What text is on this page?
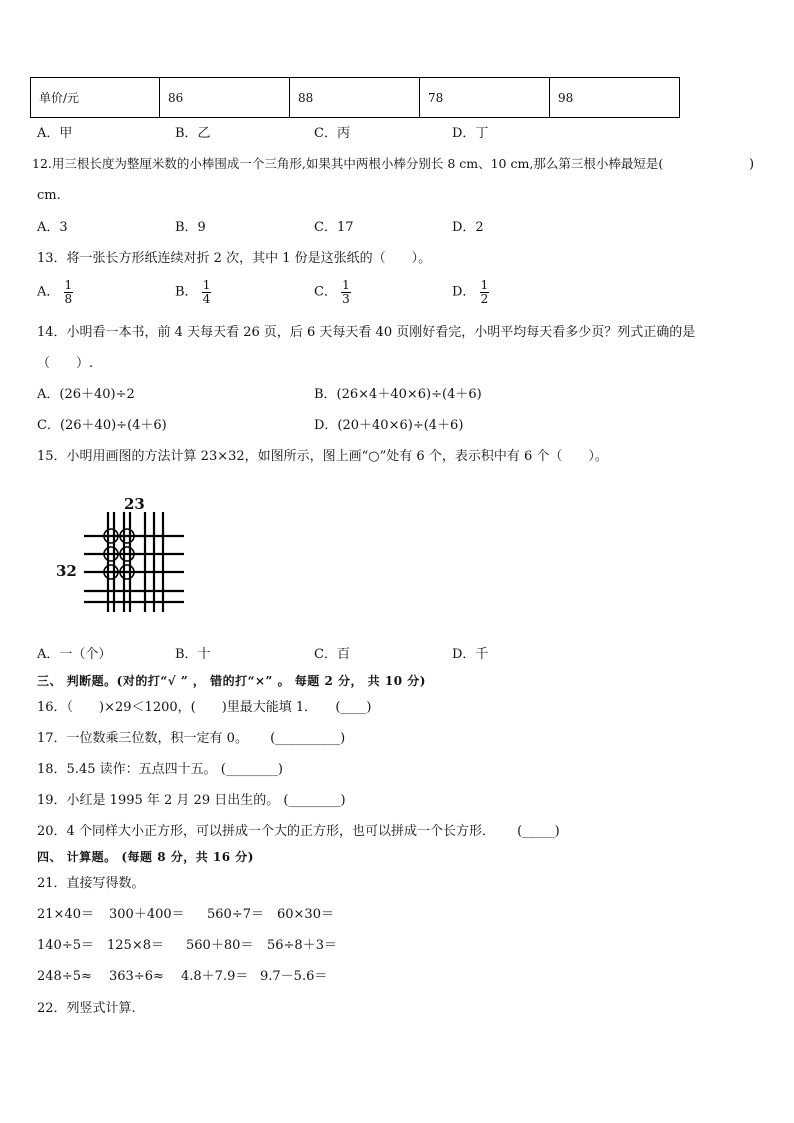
单价/元	86	88	78	98
A．甲	B．乙	C．丙	D．丁
12.用三根长度为整厘米数的小棒围成一个三角形,如果其中两根小棒分别长 8 cm、10 cm,那么第三根小棒最短是(	)
cm.
A．3	B．9	C．17	D．2
13．将一张长方形纸连续对折 2 次，其中 1 份是这张纸的（　　）。
A． $\frac{1}{8}$	B． $\frac{1}{4}$	C． $\frac{1}{3}$	D． $\frac{1}{2}$
14．小明看一本书，前 4 天每天看 26 页，后 6 天每天看 40 页刚好看完，小明平均每天看多少页？列式正确的是
（　　）.
A．(26＋40)÷2	B．(26×4＋40×6)÷(4＋6)
C．(26＋40)÷(4＋6)	D．(20＋40×6)÷(4＋6)
15．小明用画图的方法计算 23×32，如图所示，图上画“○”处有 6 个，表示积中有 6 个（　　）。
23
32
A．一（个）	B．十	C．百	D．千
三、 判断题。(对的打“√ ” ， 错的打“×” 。 每题 2 分， 共 10 分)
16．（　　)×29＜1200，(　　)里最大能填 1． (____)
17．一位数乘三位数，积一定有 0。 (__________)
18．5.45 读作：五点四十五。 (________)
19．小红是 1995 年 2 月 29 日出生的。 (________)
20．4 个同样大小正方形，可以拼成一个大的正方形，也可以拼成一个长方形． (_____)
四、 计算题。 (每题 8 分，共 16 分)
21．直接写得数。
21×40＝ 300＋400＝ 560÷7＝ 60×30＝
140÷5＝ 125×8＝ 560＋80＝ 56÷8＋3＝
248÷5≈ 363÷6≈ 4.8＋7.9＝ 9.7－5.6＝
22．列竖式计算.
